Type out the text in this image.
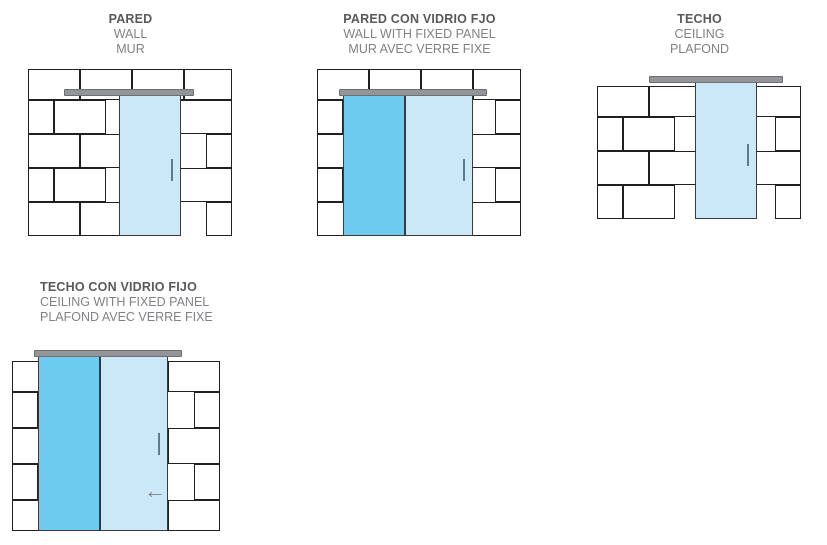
PARED
WALL
MUR
PARED CON VIDRIO FJO
WALL WITH FIXED PANEL
MUR AVEC VERRE FIXE
TECHO
CEILING
PLAFOND
TECHO CON VIDRIO FIJO
CEILING WITH FIXED PANEL
PLAFOND AVEC VERRE FIXE
←
